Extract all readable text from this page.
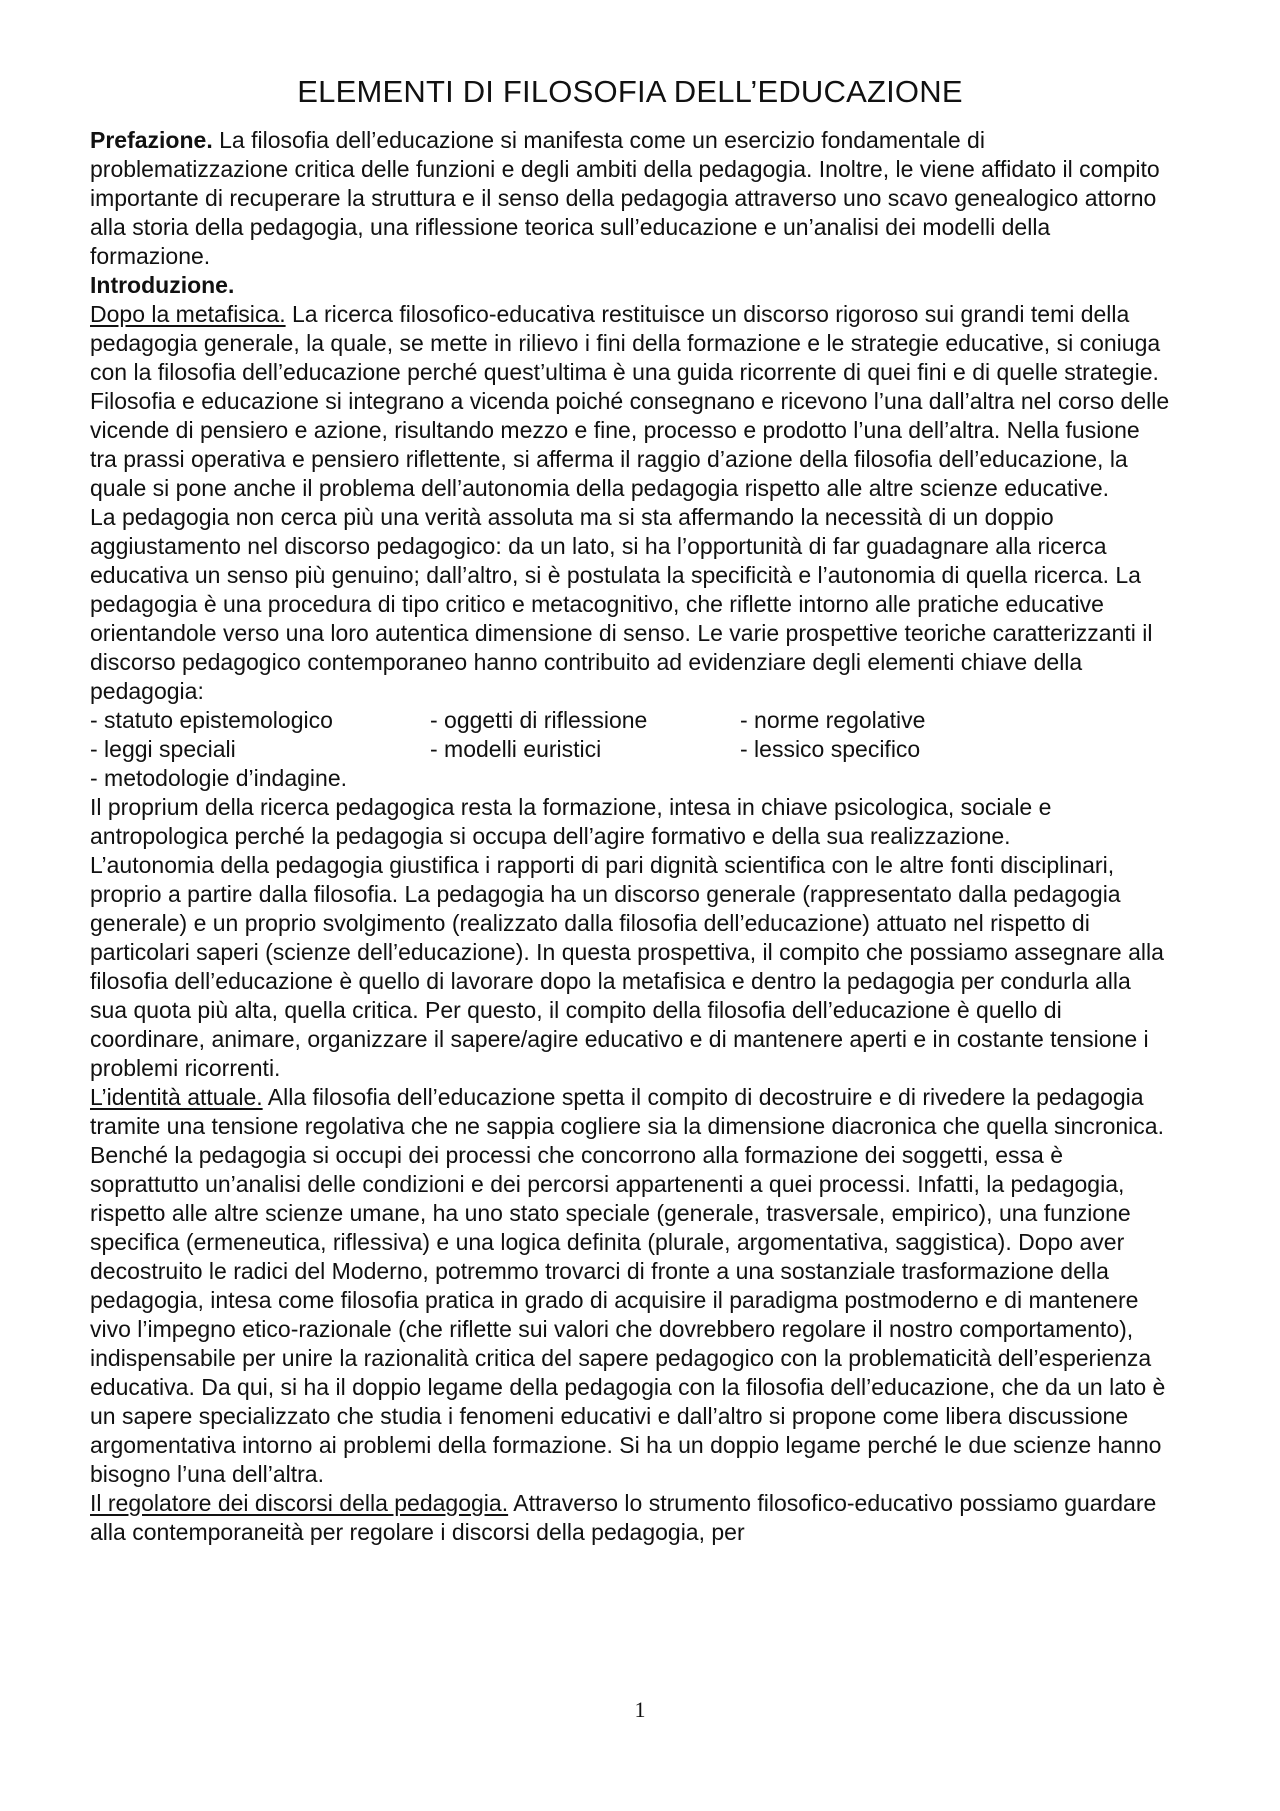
ELEMENTI DI FILOSOFIA DELL’EDUCAZIONE

Prefazione. La filosofia dell’educazione si manifesta come un esercizio fondamentale di problematizzazione critica delle funzioni e degli ambiti della pedagogia. Inoltre, le viene affidato il compito importante di recuperare la struttura e il senso della pedagogia attraverso uno scavo genealogico attorno alla storia della pedagogia, una riflessione teorica sull’educazione e un’analisi dei modelli della formazione.

Introduzione.

Dopo la metafisica. La ricerca filosofico-educativa restituisce un discorso rigoroso sui grandi temi della pedagogia generale, la quale, se mette in rilievo i fini della formazione e le strategie educative, si coniuga con la filosofia dell’educazione perché quest’ultima è una guida ricorrente di quei fini e di quelle strategie. Filosofia e educazione si integrano a vicenda poiché consegnano e ricevono l’una dall’altra nel corso delle vicende di pensiero e azione, risultando mezzo e fine, processo e prodotto l’una dell’altra. Nella fusione tra prassi operativa e pensiero riflettente, si afferma il raggio d’azione della filosofia dell’educazione, la quale si pone anche il problema dell’autonomia della pedagogia rispetto alle altre scienze educative.

La pedagogia non cerca più una verità assoluta ma si sta affermando la necessità di un doppio aggiustamento nel discorso pedagogico: da un lato, si ha l’opportunità di far guadagnare alla ricerca educativa un senso più genuino; dall’altro, si è postulata la specificità e l’autonomia di quella ricerca. La pedagogia è una procedura di tipo critico e metacognitivo, che riflette intorno alle pratiche educative orientandole verso una loro autentica dimensione di senso. Le varie prospettive teoriche caratterizzanti il discorso pedagogico contemporaneo hanno contribuito ad evidenziare degli elementi chiave della pedagogia:

- statuto epistemologico	- oggetti di riflessione	- norme regolative
- leggi speciali	- modelli euristici	- lessico specifico
- metodologie d’indagine.

Il proprium della ricerca pedagogica resta la formazione, intesa in chiave psicologica, sociale e antropologica perché la pedagogia si occupa dell’agire formativo e della sua realizzazione.

L’autonomia della pedagogia giustifica i rapporti di pari dignità scientifica con le altre fonti disciplinari, proprio a partire dalla filosofia. La pedagogia ha un discorso generale (rappresentato dalla pedagogia generale) e un proprio svolgimento (realizzato dalla filosofia dell’educazione) attuato nel rispetto di particolari saperi (scienze dell’educazione). In questa prospettiva, il compito che possiamo assegnare alla filosofia dell’educazione è quello di lavorare dopo la metafisica e dentro la pedagogia per condurla alla sua quota più alta, quella critica. Per questo, il compito della filosofia dell’educazione è quello di coordinare, animare, organizzare il sapere/agire educativo e di mantenere aperti e in costante tensione i problemi ricorrenti.

L’identità attuale. Alla filosofia dell’educazione spetta il compito di decostruire e di rivedere la pedagogia tramite una tensione regolativa che ne sappia cogliere sia la dimensione diacronica che quella sincronica. Benché la pedagogia si occupi dei processi che concorrono alla formazione dei soggetti, essa è soprattutto un’analisi delle condizioni e dei percorsi appartenenti a quei processi. Infatti, la pedagogia, rispetto alle altre scienze umane, ha uno stato speciale (generale, trasversale, empirico), una funzione specifica (ermeneutica, riflessiva) e una logica definita (plurale, argomentativa, saggistica). Dopo aver decostruito le radici del Moderno, potremmo trovarci di fronte a una sostanziale trasformazione della pedagogia, intesa come filosofia pratica in grado di acquisire il paradigma postmoderno e di mantenere vivo l’impegno etico-razionale (che riflette sui valori che dovrebbero regolare il nostro comportamento), indispensabile per unire la razionalità critica del sapere pedagogico con la problematicità dell’esperienza educativa. Da qui, si ha il doppio legame della pedagogia con la filosofia dell’educazione, che da un lato è un sapere specializzato che studia i fenomeni educativi e dall’altro si propone come libera discussione argomentativa intorno ai problemi della formazione. Si ha un doppio legame perché le due scienze hanno bisogno l’una dell’altra.

Il regolatore dei discorsi della pedagogia. Attraverso lo strumento filosofico-educativo possiamo guardare alla contemporaneità per regolare i discorsi della pedagogia, per

1
